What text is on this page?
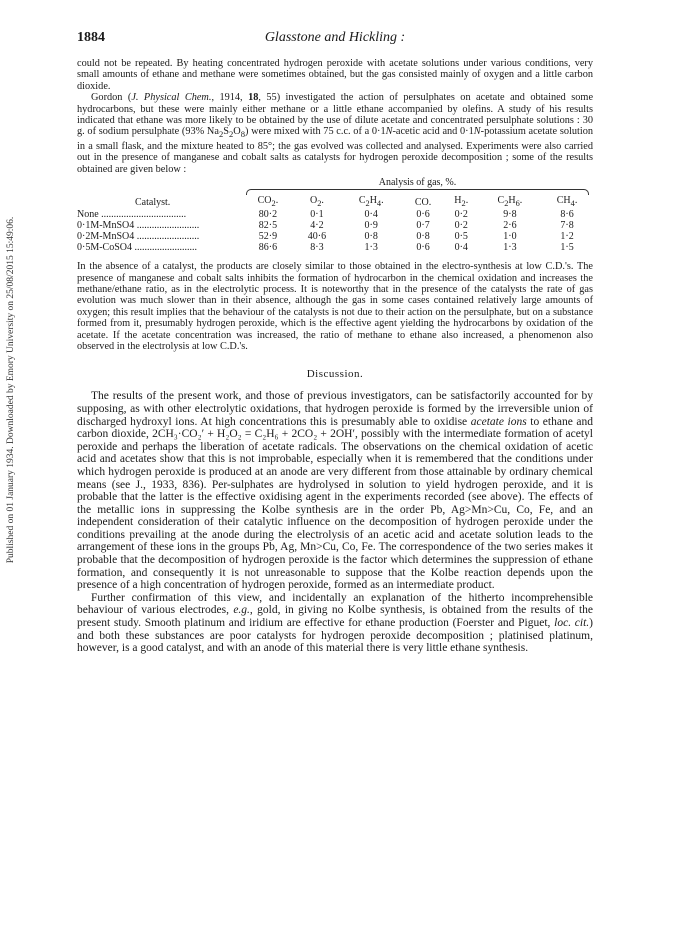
Published on 01 January 1934. Downloaded by Emory University on 25/08/2015 15:49:06.
1884	Glasstone and Hickling :

could not be repeated. By heating concentrated hydrogen peroxide with acetate solutions under various conditions, very small amounts of ethane and methane were sometimes obtained, but the gas consisted mainly of oxygen and a little carbon dioxide.

Gordon (J. Physical Chem., 1914, 18, 55) investigated the action of persulphates on acetate and obtained some hydrocarbons, but these were mainly either methane or a little ethane accompanied by olefins. A study of his results indicated that ethane was more likely to be obtained by the use of dilute acetate and concentrated persulphate solutions : 30 g. of sodium persulphate (93% $Na_2S_2O_8$) were mixed with 75 c.c. of a 0·1N-acetic acid and 0·1N-potassium acetate solution in a small flask, and the mixture heated to 85°; the gas evolved was collected and analysed. Experiments were also carried out in the presence of manganese and cobalt salts as catalysts for hydrogen peroxide decomposition ; some of the results obtained are given below :

	Analysis of gas, %.						

Catalyst.	$CO_2$.	$O_2$.	$C_2H_4$.	CO.	$H_2$.	$C_2H_6$.	$CH_4$.
None ..................................	80·2	0·1	0·4	0·6	0·2	9·8	8·6
0·1M-MnSO4 .........................	82·5	4·2	0·9	0·7	0·2	2·6	7·8
0·2M-MnSO4 .........................	52·9	40·6	0·8	0·8	0·5	1·0	1·2
0·5M-CoSO4 .........................	86·6	8·3	1·3	0·6	0·4	1·3	1·5

In the absence of a catalyst, the products are closely similar to those obtained in the electro-synthesis at low C.D.'s. The presence of manganese and cobalt salts inhibits the formation of hydrocarbon in the chemical oxidation and increases the methane/ethane ratio, as in the electrolytic process. It is noteworthy that in the presence of the catalysts the rate of gas evolution was much slower than in their absence, although the gas in some cases contained relatively large amounts of oxygen; this result implies that the behaviour of the catalysts is not due to their action on the persulphate, but on a substance formed from it, presumably hydrogen peroxide, which is the effective agent yielding the hydrocarbons by oxidation of the acetate. If the acetate concentration was increased, the ratio of methane to ethane also increased, a phenomenon also observed in the electrolysis at low C.D.'s.

Discussion.

The results of the present work, and those of previous investigators, can be satisfactorily accounted for by supposing, as with other electrolytic oxidations, that hydrogen peroxide is formed by the irreversible union of discharged hydroxyl ions. At high concentrations this is presumably able to oxidise acetate ions to ethane and carbon dioxide, 2CH₃·CO₂′ + H₂O₂ = C₂H₆ + 2CO₂ + 2OH′, possibly with the intermediate formation of acetyl peroxide and perhaps the liberation of acetate radicals. The observations on the chemical oxidation of acetic acid and acetates show that this is not improbable, especially when it is remembered that the conditions under which hydrogen peroxide is produced at an anode are very different from those attainable by ordinary chemical means (see J., 1933, 836). Per-sulphates are hydrolysed in solution to yield hydrogen peroxide, and it is probable that the latter is the effective oxidising agent in the experiments recorded (see above). The effects of the metallic ions in suppressing the Kolbe synthesis are in the order Pb, Ag>Mn>Cu, Co, Fe, and an independent consideration of their catalytic influence on the decomposition of hydrogen peroxide under the conditions prevailing at the anode during the electrolysis of an acetic acid and acetate solution leads to the arrangement of these ions in the groups Pb, Ag, Mn>Cu, Co, Fe. The correspondence of the two series makes it probable that the decomposition of hydrogen peroxide is the factor which determines the suppression of ethane formation, and consequently it is not unreasonable to suppose that the Kolbe reaction depends upon the presence of a high concentration of hydrogen peroxide, formed as an intermediate product.

Further confirmation of this view, and incidentally an explanation of the hitherto incomprehensible behaviour of various electrodes, e.g., gold, in giving no Kolbe synthesis, is obtained from the results of the present study. Smooth platinum and iridium are effective for ethane production (Foerster and Piguet, loc. cit.) and both these substances are poor catalysts for hydrogen peroxide decomposition ; platinised platinum, however, is a good catalyst, and with an anode of this material there is very little ethane synthesis.
